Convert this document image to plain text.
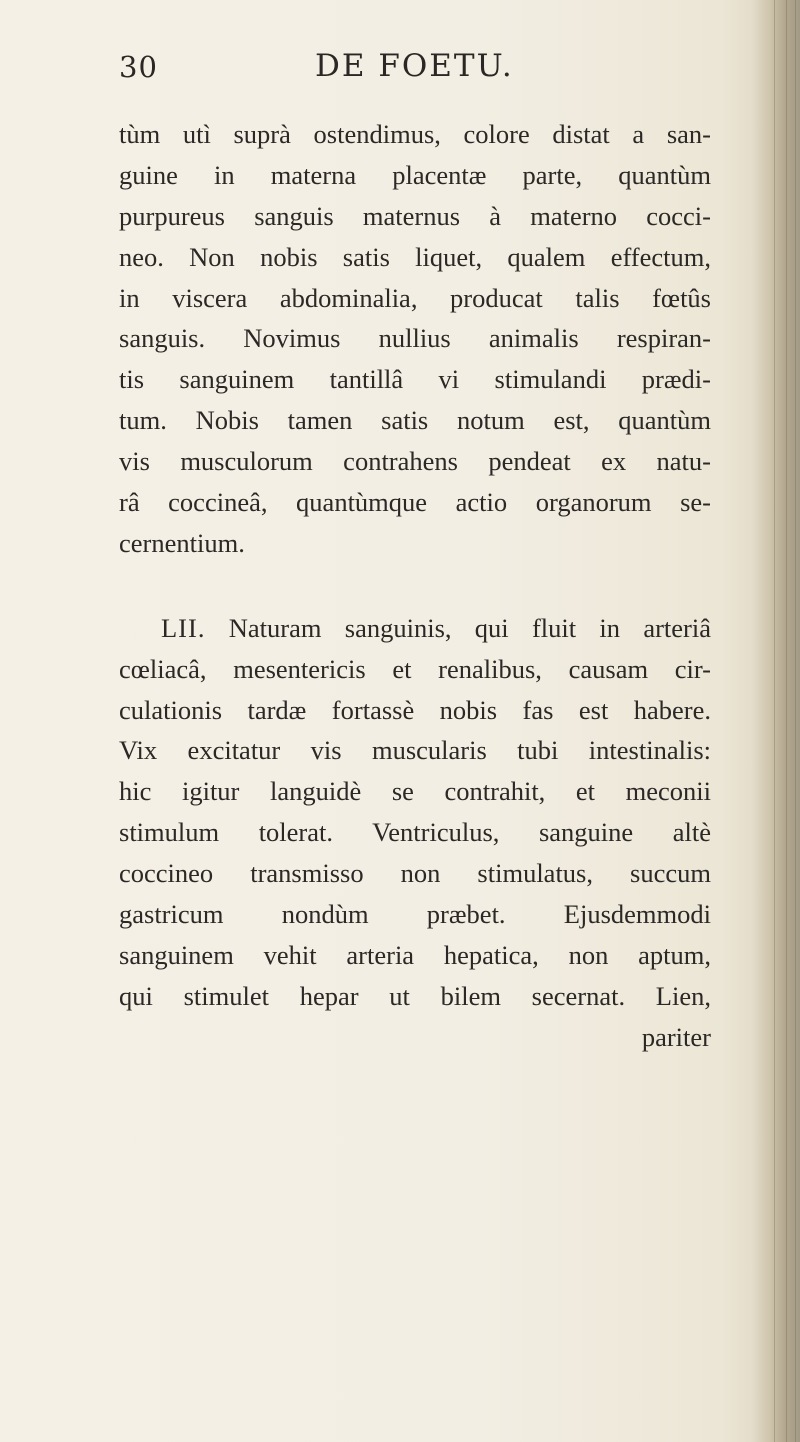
30	DE FOETU.
tùm utì suprà ostendimus, colore distat a san-
guine in materna placentæ parte, quantùm
purpureus sanguis maternus à materno cocci-
neo. Non nobis satis liquet, qualem effectum,
in viscera abdominalia, producat talis fœtûs
sanguis. Novimus nullius animalis respiran-
tis sanguinem tantillâ vi stimulandi prædi-
tum. Nobis tamen satis notum est, quantùm
vis musculorum contrahens pendeat ex natu-
râ coccineâ, quantùmque actio organorum se-
cernentium.
LII. Naturam sanguinis, qui fluit in arteriâ
cœliacâ, mesentericis et renalibus, causam cir-
culationis tardæ fortassè nobis fas est habere.
Vix excitatur vis muscularis tubi intestinalis:
hic igitur languidè se contrahit, et meconii
stimulum tolerat. Ventriculus, sanguine altè
coccineo transmisso non stimulatus, succum
gastricum nondùm præbet. Ejusdemmodi
sanguinem vehit arteria hepatica, non aptum,
qui stimulet hepar ut bilem secernat. Lien,
pariter
